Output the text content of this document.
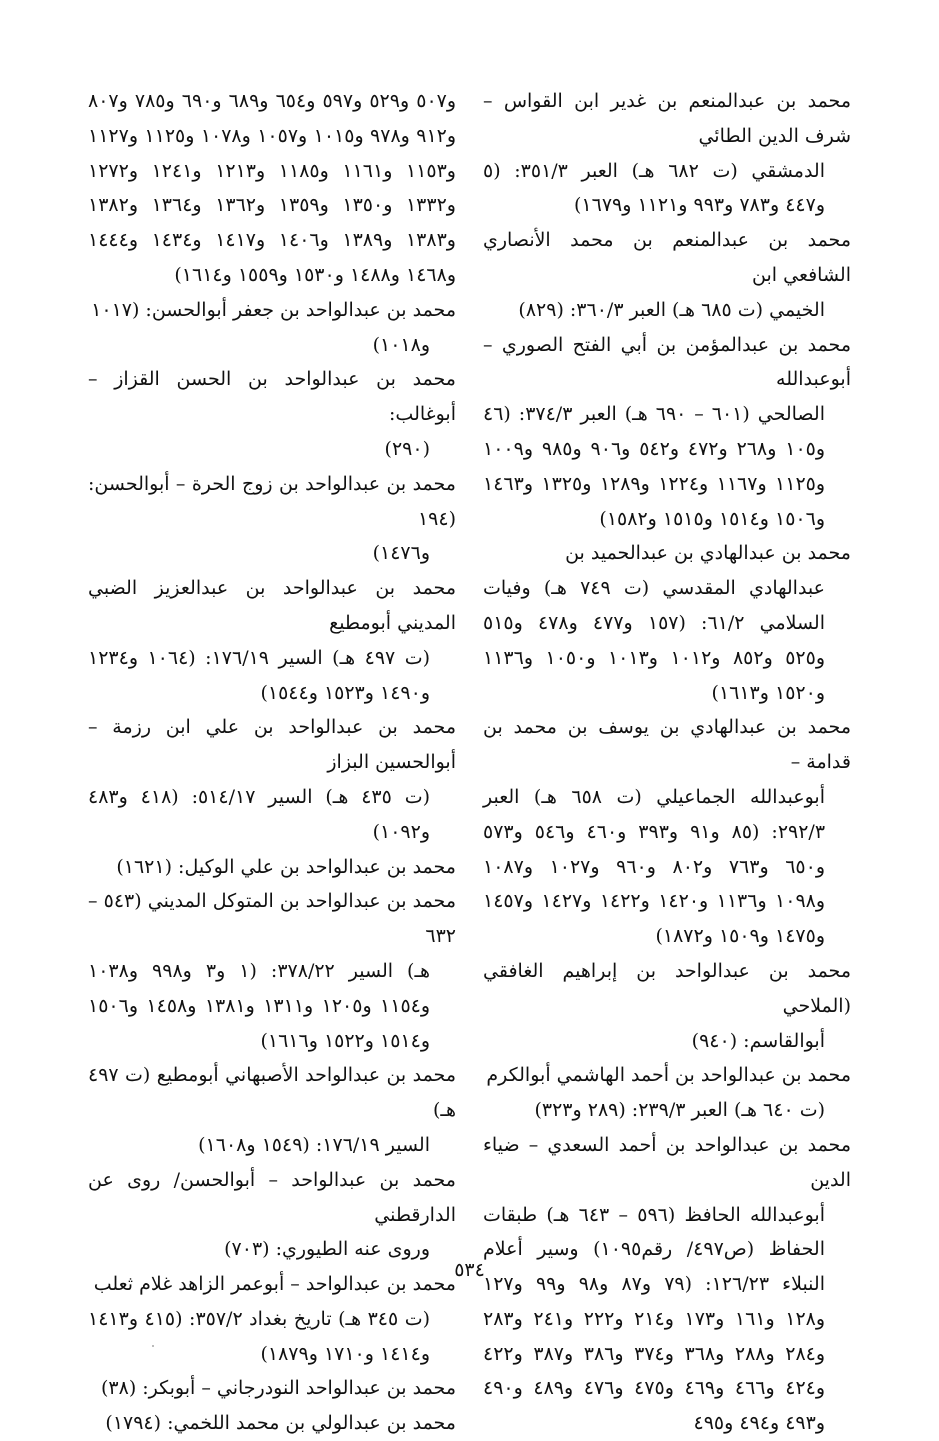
محمد بن عبدالمنعم بن غدير ابن القواس – شرف الدين الطائي
الدمشقي (ت ٦٨٢ هـ) العبر ٣٥١/٣: (٥ و٤٤٧ و٧٨٣ و٩٩٣ و١١٢١ و١٦٧٩)

محمد بن عبدالمنعم بن محمد الأنصاري الشافعي ابن
الخيمي (ت ٦٨٥ هـ) العبر ٣٦٠/٣: (٨٢٩)

محمد بن عبدالمؤمن بن أبي الفتح الصوري – أبوعبدالله
الصالحي (٦٠١ – ٦٩٠ هـ) العبر ٣٧٤/٣: (٤٦ و١٠٥ و٢٦٨ و٤٧٢ و٥٤٢ و٩٠٦ و٩٨٥ و١٠٠٩ و١١٢٥ و١١٦٧ و١٢٢٤ و١٢٨٩ و١٣٢٥ و١٤٦٣ و١٥٠٦ و١٥١٤ و١٥١٥ و١٥٨٢)

محمد بن عبدالهادي بن عبدالحميد بن
عبدالهادي المقدسي (ت ٧٤٩ هـ) وفيات السلامي ٦١/٢: (١٥٧ و٤٧٧ و٤٧٨ و٥١٥ و٥٢٥ و٨٥٢ و١٠١٢ و١٠١٣ و١٠٥٠ و١١٣٦ و١٥٢٠ و١٦١٣)

محمد بن عبدالهادي بن يوسف بن محمد بن قدامة –
أبوعبدالله الجماعيلي (ت ٦٥٨ هـ) العبر ٢٩٢/٣: (٨٥ و٩١ و٣٩٣ و٤٦٠ و٥٤٦ و٥٧٣ و٦٥٠ و٧٦٣ و٨٠٢ و٩٦٠ و١٠٢٧ و١٠٨٧ و١٠٩٨ و١١٣٦ و١٤٢٠ و١٤٢٢ و١٤٢٧ و١٤٥٧ و١٤٧٥ و١٥٠٩ و١٨٧٢)

محمد بن عبدالواحد بن إبراهيم الغافقي (الملاحي
أبوالقاسم: (٩٤٠)

محمد بن عبدالواحد بن أحمد الهاشمي أبوالكرم
(ت ٦٤٠ هـ) العبر ٢٣٩/٣: (٢٨٩ و٣٢٣)

محمد بن عبدالواحد بن أحمد السعدي – ضياء الدين
أبوعبدالله الحافظ (٥٩٦ – ٦٤٣ هـ) طبقات الحفاظ (ص٤٩٧/ رقم١٠٩٥) وسير أعلام النبلاء ١٢٦/٢٣: (٧٩ و٨٧ و٩٨ و٩٩ و١٢٧ و١٢٨ و١٦١ و١٧٣ و٢١٤ و٢٢٢ و٢٤١ و٢٨٣ و٢٨٤ و٢٨٨ و٣٦٨ و٣٧٤ و٣٨٦ و٣٨٧ و٤٢٢ و٤٢٤ و٤٦٦ و٤٦٩ و٤٧٥ و٤٧٦ و٤٨٩ و٤٩٠ و٤٩٣ و٤٩٤ و٤٩٥

و٥٠٧ و٥٢٩ و٥٩٧ و٦٥٤ و٦٨٩ و٦٩٠ و٧٨٥ و٨٠٧ و٩١٢ و٩٧٨ و١٠١٥ و١٠٥٧ و١٠٧٨ و١١٢٥ و١١٢٧ و١١٥٣ و١١٦١ و١١٨٥ و١٢١٣ و١٢٤١ و١٢٧٢ و١٣٣٢ و١٣٥٠ و١٣٥٩ و١٣٦٢ و١٣٦٤ و١٣٨٢ و١٣٨٣ و١٣٨٩ و١٤٠٦ و١٤١٧ و١٤٣٤ و١٤٤٤ و١٤٦٨ و١٤٨٨ و١٥٣٠ و١٥٥٩ و١٦١٤)

محمد بن عبدالواحد بن جعفر أبوالحسن: (١٠١٧
و١٠١٨)

محمد بن عبدالواحد بن الحسن القزاز – أبوغالب:
(٢٩٠)

محمد بن عبدالواحد بن زوج الحرة – أبوالحسن: (١٩٤
و١٤٧٦)

محمد بن عبدالواحد بن عبدالعزيز الضبي المديني أبومطيع
(ت ٤٩٧ هـ) السير ١٧٦/١٩: (١٠٦٤ و١٢٣٤ و١٤٩٠ و١٥٢٣ و١٥٤٤)

محمد بن عبدالواحد بن علي ابن رزمة – أبوالحسين البزاز
(ت ٤٣٥ هـ) السير ٥١٤/١٧: (٤١٨ و٤٨٣ و١٠٩٢)

محمد بن عبدالواحد بن علي الوكيل: (١٦٢١)

محمد بن عبدالواحد بن المتوكل المديني (٥٤٣ – ٦٣٢
هـ) السير ٣٧٨/٢٢: (١ و٣ و٩٩٨ و١٠٣٨ و١١٥٤ و١٢٠٥ و١٣١١ و١٣٨١ و١٤٥٨ و١٥٠٦ و١٥١٤ و١٥٢٢ و١٦١٦)

محمد بن عبدالواحد الأصبهاني أبومطيع (ت ٤٩٧ هـ)
السير ١٧٦/١٩: (١٥٤٩ و١٦٠٨)

محمد بن عبدالواحد – أبوالحسن/ روى عن الدارقطني
وروى عنه الطيوري: (٧٠٣)

محمد بن عبدالواحد – أبوعمر الزاهد غلام ثعلب
(ت ٣٤٥ هـ) تاريخ بغداد ٣٥٧/٢: (٤١٥ و١٤١٣ و١٤١٤ و١٧١٠ و١٨٧٩)

محمد بن عبدالواحد النودرجاني – أبوبكر: (٣٨)

محمد بن عبدالولي بن محمد اللخمي: (١٧٩٤)

٥٣٤
